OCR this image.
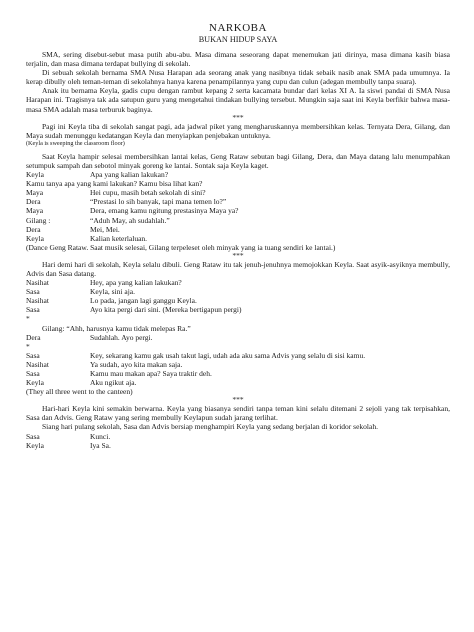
NARKOBA
BUKAN HIDUP SAYA

SMA, sering disebut-sebut masa putih abu-abu. Masa dimana seseorang dapat menemukan jati dirinya, masa dimana kasih biasa terjalin, dan masa dimana terdapat bullying di sekolah.

Di sebuah sekolah bernama SMA Nusa Harapan ada seorang anak yang nasibnya tidak sebaik nasib anak SMA pada umumnya. Ia kerap dibully oleh teman-teman di sekolahnya hanya karena penampilannya yang cupu dan culun (adegan membully tanpa suara).

Anak itu bernama Keyla, gadis cupu dengan rambut kepang 2 serta kacamata bundar dari kelas XI A. Ia siswi pandai di SMA Nusa Harapan ini. Tragisnya tak ada satupun guru yang mengetahui tindakan bullying tersebut. Mungkin saja saat ini Keyla berfikir bahwa masa-masa SMA adalah masa terburuk baginya.

***

Pagi ini Keyla tiba di sekolah sangat pagi, ada jadwal piket yang mengharuskannya membersihkan kelas. Ternyata Dera, Gilang, dan Maya sudah menunggu kedatangan Keyla dan menyiapkan penjebakan untuknya.

(Keyla is sweeping the classroom floor)

Saat Keyla hampir selesai membersihkan lantai kelas, Geng Rataw sebutan bagi Gilang, Dera, dan Maya datang lalu menumpahkan setumpuk sampah dan sebotol minyak goreng ke lantai. Sontak saja Keyla kaget.

Keyla	Apa yang kalian lakukan?
Kamu tanya apa yang kami lakukan? Kamu bisa lihat kan?
Maya	Hei cupu, masih betah sekolah di sini?
Dera	“Prestasi lo sih banyak, tapi mana temen lo?”
Maya	Dera, emang kamu ngitung prestasinya Maya ya?
Gilang :	“Aduh May, ah sudahlah.”
Dera	Mei, Mei.
Keyla	Kalian keterlaluan.

(Dance Geng Rataw. Saat musik selesai, Gilang terpeleset oleh minyak yang ia tuang sendiri ke lantai.)

***

Hari demi hari di sekolah, Keyla selalu dibuli. Geng Rataw itu tak jenuh-jenuhnya memojokkan Keyla. Saat asyik-asyiknya membully, Advis dan Sasa datang.

Nasihat	Hey, apa yang kalian lakukan?
Sasa	Keyla, sini aja.
Nasihat	Lo pada, jangan lagi ganggu Keyla.
Sasa	Ayo kita pergi dari sini. (Mereka bertigapun pergi)
*

Gilang: “Ahh, harusnya kamu tidak melepas Ra.”

Dera	Sudahlah. Ayo pergi.
*
Sasa	Key, sekarang kamu gak usah takut lagi, udah ada aku sama Advis yang selalu di sisi kamu.
Nasihat	Ya sudah, ayo kita makan saja.
Sasa	Kamu mau makan apa? Saya traktir deh.
Keyla	Aku ngikut aja.

(They all three went to the canteen)

***

Hari-hari Keyla kini semakin berwarna. Keyla yang biasanya sendiri tanpa teman kini selalu ditemani 2 sejoli yang tak terpisahkan, Sasa dan Advis. Geng Rataw yang sering membully Keylapun sudah jarang terlihat.

Siang hari pulang sekolah, Sasa dan Advis bersiap menghampiri Keyla yang sedang berjalan di koridor sekolah.

Sasa	Kunci.
Keyla	Iya Sa.
